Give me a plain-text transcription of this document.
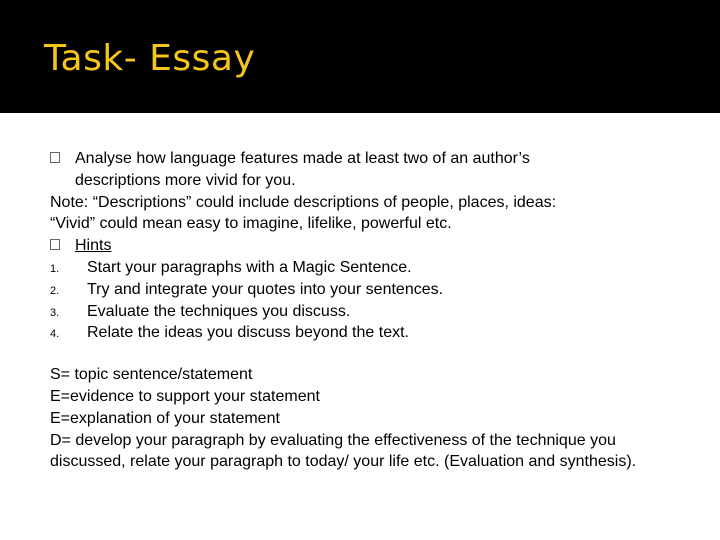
Task- Essay
Analyse how language features made at least two of an author’s
descriptions more vivid for you.
Note: “Descriptions” could include descriptions of people, places, ideas:
“Vivid” could mean easy to imagine, lifelike, powerful etc.
Hints
1. Start your paragraphs with a Magic Sentence.
2. Try and integrate your quotes into your sentences.
3. Evaluate the techniques you discuss.
4. Relate the ideas you discuss beyond the text.
S= topic sentence/statement
E=evidence to support your statement
E=explanation of your statement
D= develop your paragraph by evaluating the effectiveness of the technique you discussed, relate your paragraph to today/ your life etc. (Evaluation and synthesis).
